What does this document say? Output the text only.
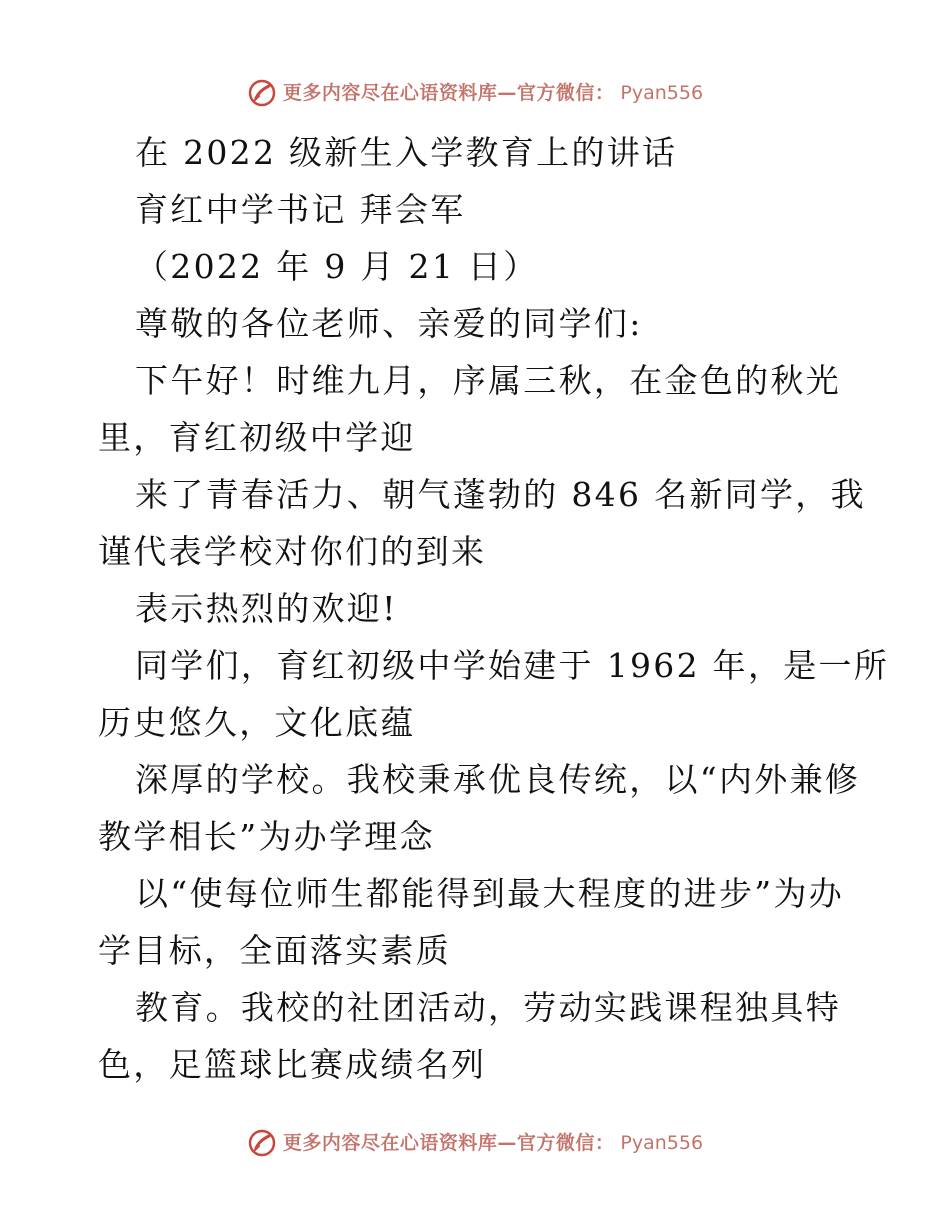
更多内容尽在心语资料库—官方微信： Pyan556
在 2022 级新生入学教育上的讲话
育红中学书记 拜会军
（2022 年 9 月 21 日）
尊敬的各位老师、亲爱的同学们:
下午好！时维九月，序属三秋，在金色的秋光
里，育红初级中学迎
来了青春活力、朝气蓬勃的 846 名新同学，我
谨代表学校对你们的到来
表示热烈的欢迎!
同学们，育红初级中学始建于 1962 年，是一所
历史悠久，文化底蕴
深厚的学校。我校秉承优良传统，以“内外兼修
教学相长”为办学理念
以“使每位师生都能得到最大程度的进步”为办
学目标，全面落实素质
教育。我校的社团活动，劳动实践课程独具特
色，足篮球比赛成绩名列
更多内容尽在心语资料库—官方微信： Pyan556
